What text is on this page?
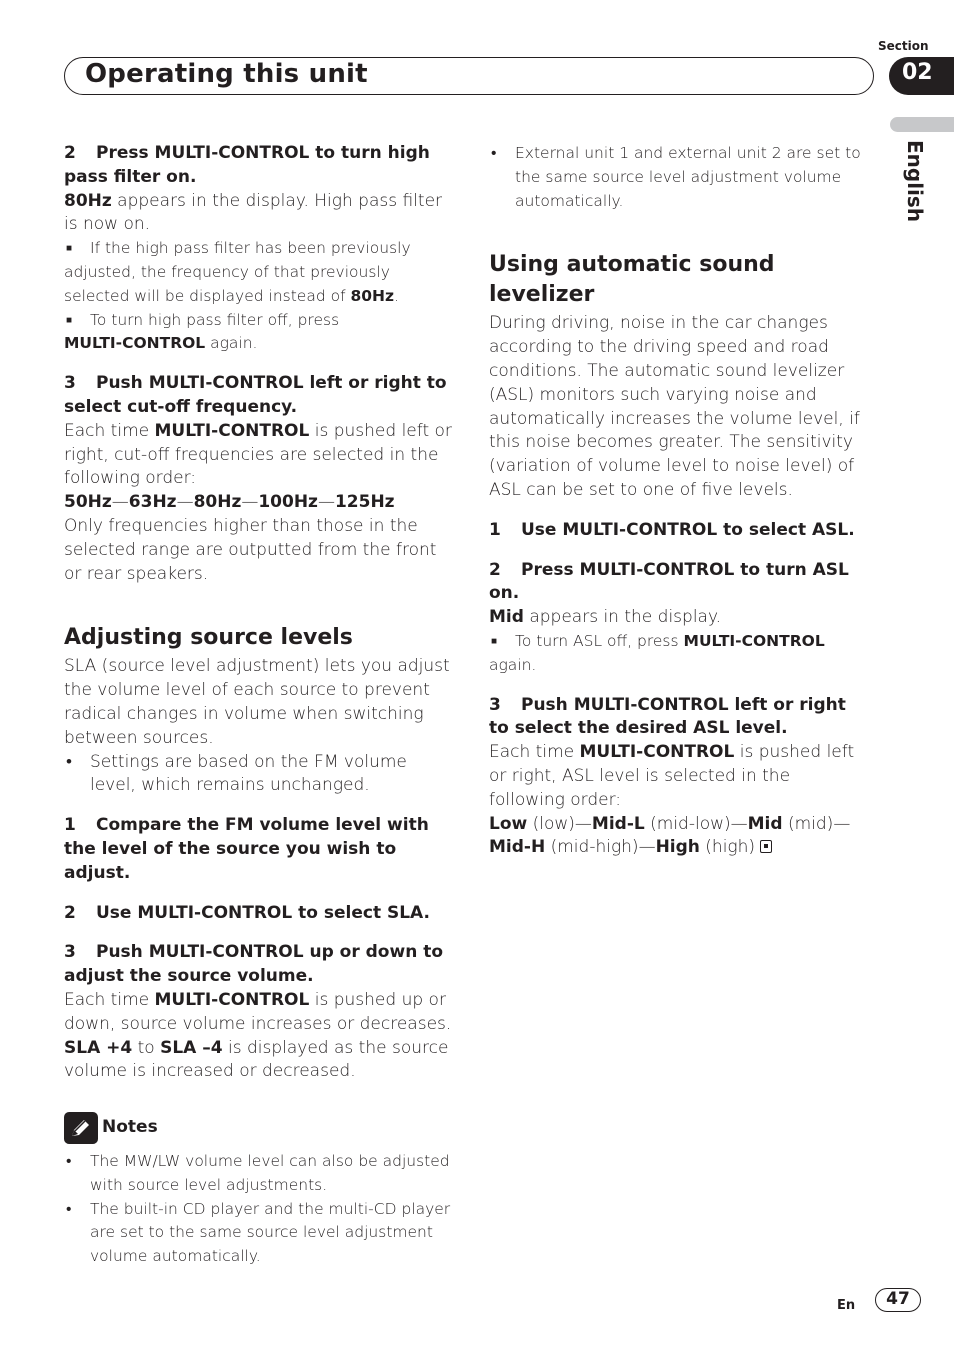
Operating this unit
Section
02
English

2 Press MULTI-CONTROL to turn high pass filter on.

80Hz appears in the display. High pass filter is now on.

■ If the high pass filter has been previously adjusted, the frequency of that previously selected will be displayed instead of 80Hz.

■ To turn high pass filter off, press
MULTI-CONTROL again.

3 Push MULTI-CONTROL left or right to select cut-off frequency.

Each time MULTI-CONTROL is pushed left or right, cut-off frequencies are selected in the following order:

50Hz—63Hz—80Hz—100Hz—125Hz

Only frequencies higher than those in the selected range are outputted from the front or rear speakers.

Adjusting source levels

SLA (source level adjustment) lets you adjust the volume level of each source to prevent radical changes in volume when switching between sources.

• Settings are based on the FM volume level, which remains unchanged.

1 Compare the FM volume level with the level of the source you wish to adjust.

2 Use MULTI-CONTROL to select SLA.

3 Push MULTI-CONTROL up or down to adjust the source volume.

Each time MULTI-CONTROL is pushed up or down, source volume increases or decreases.

SLA +4 to SLA –4 is displayed as the source volume is increased or decreased.

Notes

• The MW/LW volume level can also be adjusted with source level adjustments.

• The built-in CD player and the multi-CD player are set to the same source level adjustment volume automatically.

• External unit 1 and external unit 2 are set to the same source level adjustment volume automatically.

Using automatic sound levelizer

During driving, noise in the car changes according to the driving speed and road conditions. The automatic sound levelizer (ASL) monitors such varying noise and automatically increases the volume level, if this noise becomes greater. The sensitivity (variation of volume level to noise level) of ASL can be set to one of five levels.

1 Use MULTI-CONTROL to select ASL.

2 Press MULTI-CONTROL to turn ASL on.

Mid appears in the display.

■ To turn ASL off, press MULTI-CONTROL
again.

3 Push MULTI-CONTROL left or right to select the desired ASL level.

Each time MULTI-CONTROL is pushed left or right, ASL level is selected in the following order:

Low (low)—Mid-L (mid-low)—Mid (mid)—
Mid-H (mid-high)—High (high)

En	47
